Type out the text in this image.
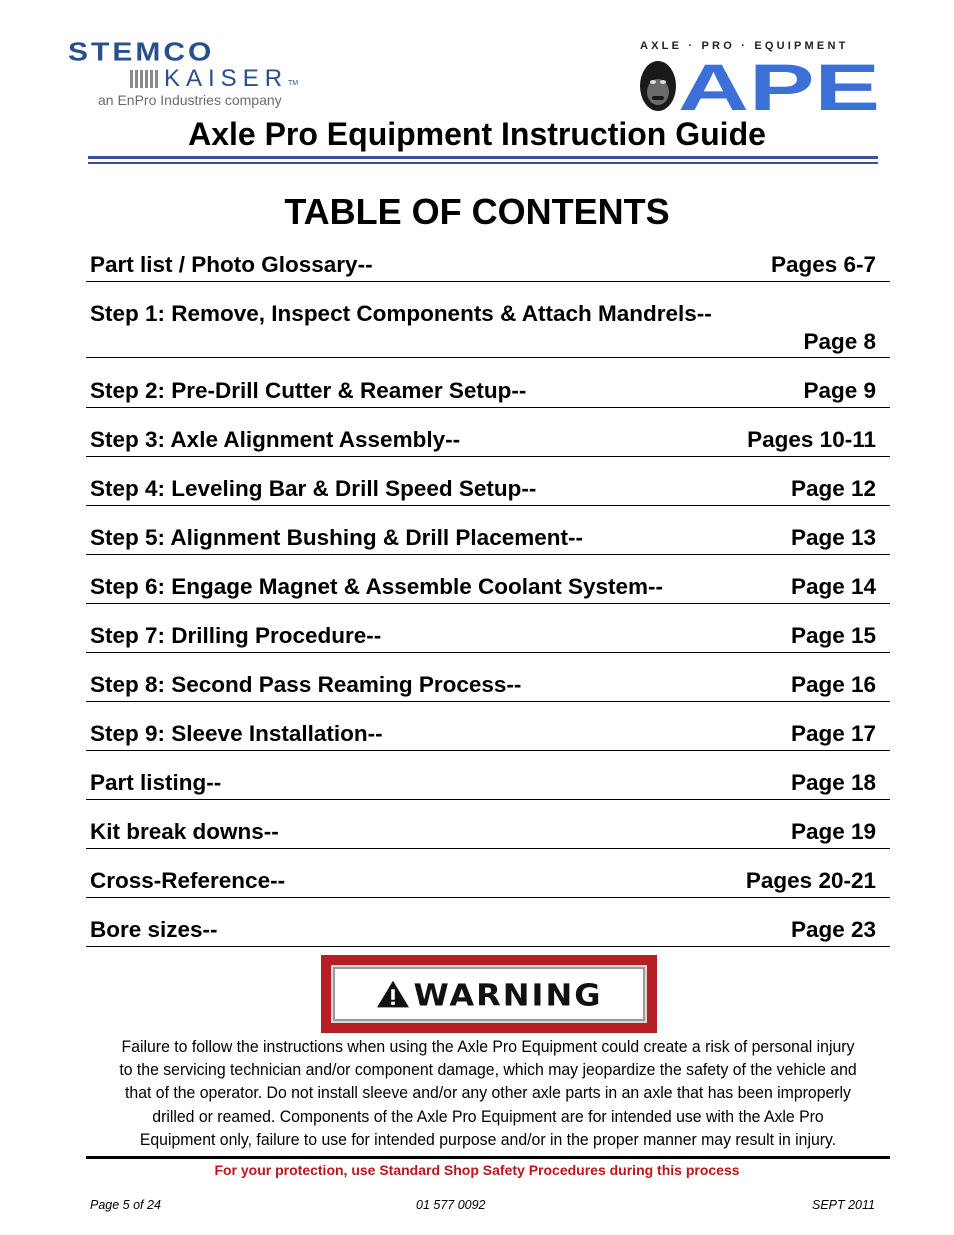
STEMCO
KAISER TM
an EnPro Industries company
AXLE · PRO · EQUIPMENT
APE
Axle Pro Equipment Instruction Guide
TABLE OF CONTENTS
Part list / Photo Glossary--	Pages 6-7
Step 1: Remove, Inspect Components & Attach Mandrels--
Page 8
Step 2: Pre-Drill Cutter & Reamer Setup--	Page 9
Step 3: Axle Alignment Assembly--	Pages 10-11
Step 4: Leveling Bar & Drill Speed Setup--	Page 12
Step 5: Alignment Bushing & Drill Placement--	Page 13
Step 6: Engage Magnet & Assemble Coolant System--	Page 14
Step 7: Drilling Procedure--	Page 15
Step 8: Second Pass Reaming Process--	Page 16
Step 9: Sleeve Installation--	Page 17
Part listing--	Page 18
Kit break downs--	Page 19
Cross-Reference--	Pages 20-21
Bore sizes--	Page 23
WARNING
Failure to follow the instructions when using the Axle Pro Equipment could create a risk of personal injury to the servicing technician and/or component damage, which may jeopardize the safety of the vehicle and that of the operator. Do not install sleeve and/or any other axle parts in an axle that has been improperly drilled or reamed. Components of the Axle Pro Equipment are for intended use with the Axle Pro Equipment only, failure to use for intended purpose and/or in the proper manner may result in injury.
For your protection, use Standard Shop Safety Procedures during this process
Page 5 of 24	01 577 0092	SEPT 2011
